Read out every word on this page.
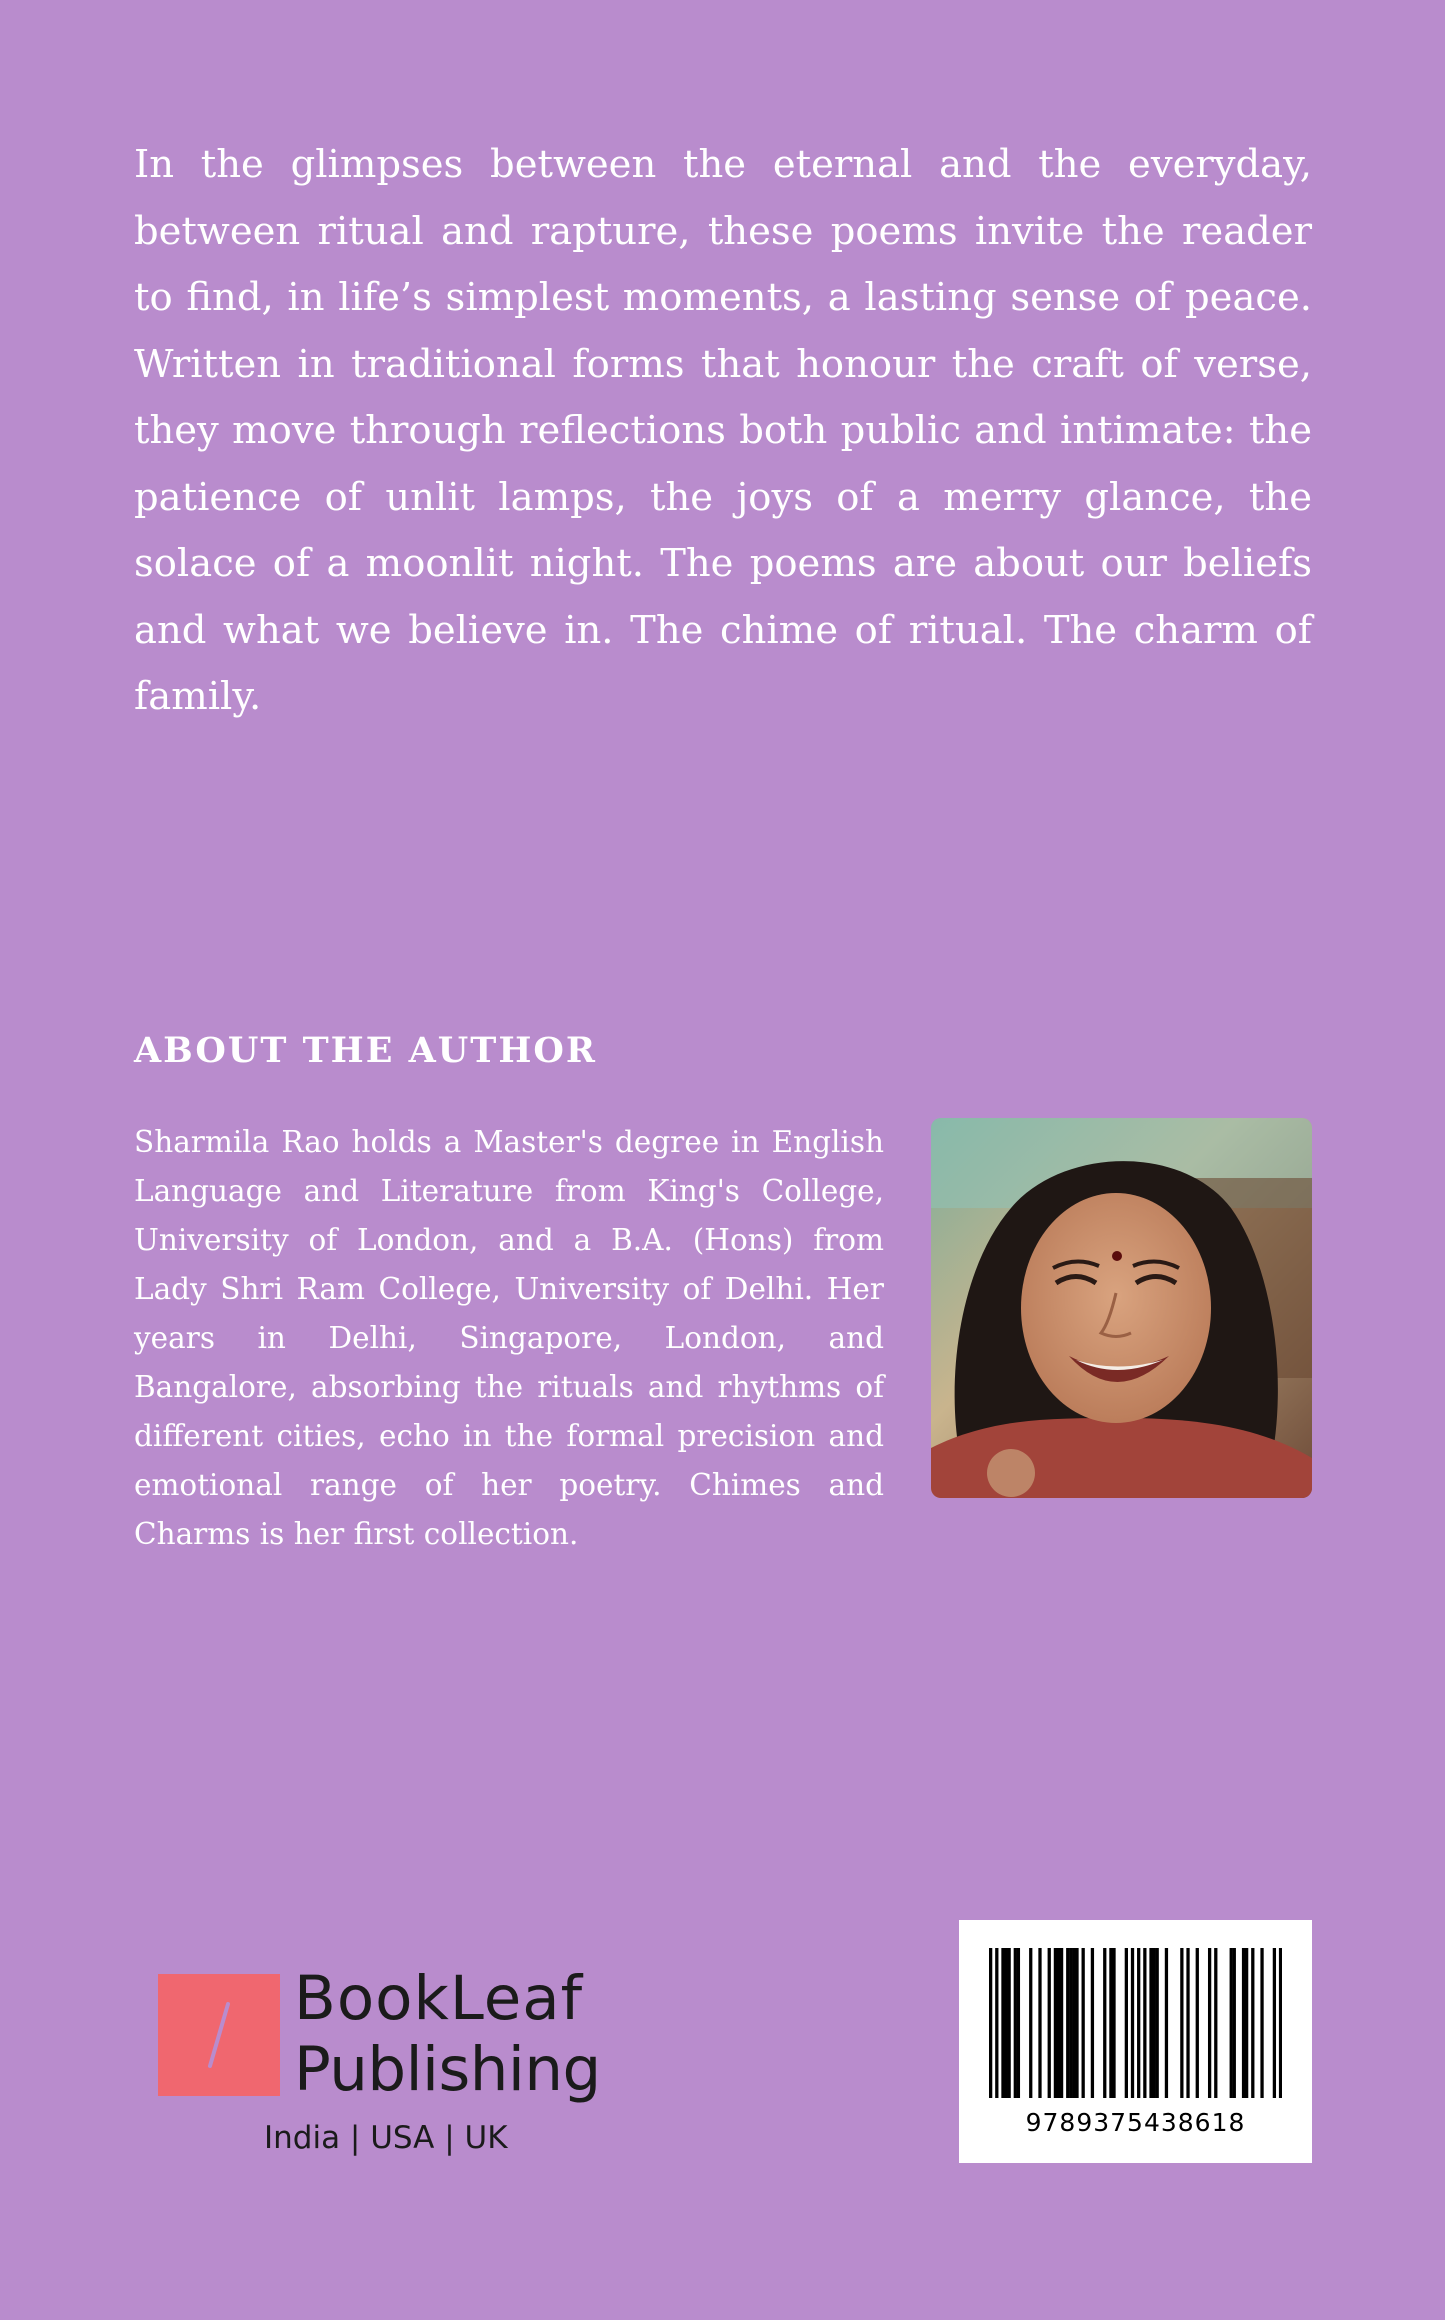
In the glimpses between the eternal and the everyday, between ritual and rapture, these poems invite the reader to find, in life’s simplest moments, a lasting sense of peace. Written in traditional forms that honour the craft of verse, they move through reflections both public and intimate: the patience of unlit lamps, the joys of a merry glance, the solace of a moonlit night. The poems are about our beliefs and what we believe in. The chime of ritual. The charm of family.

ABOUT THE AUTHOR

Sharmila Rao holds a Master's degree in English Language and Literature from King's College, University of London, and a B.A. (Hons) from Lady Shri Ram College, University of Delhi. Her years in Delhi, Singapore, London, and Bangalore, absorbing the rituals and rhythms of different cities, echo in the formal precision and emotional range of her poetry. Chimes and Charms is her first collection.

BookLeaf

Publishing

India | USA | UK	9789375438618
